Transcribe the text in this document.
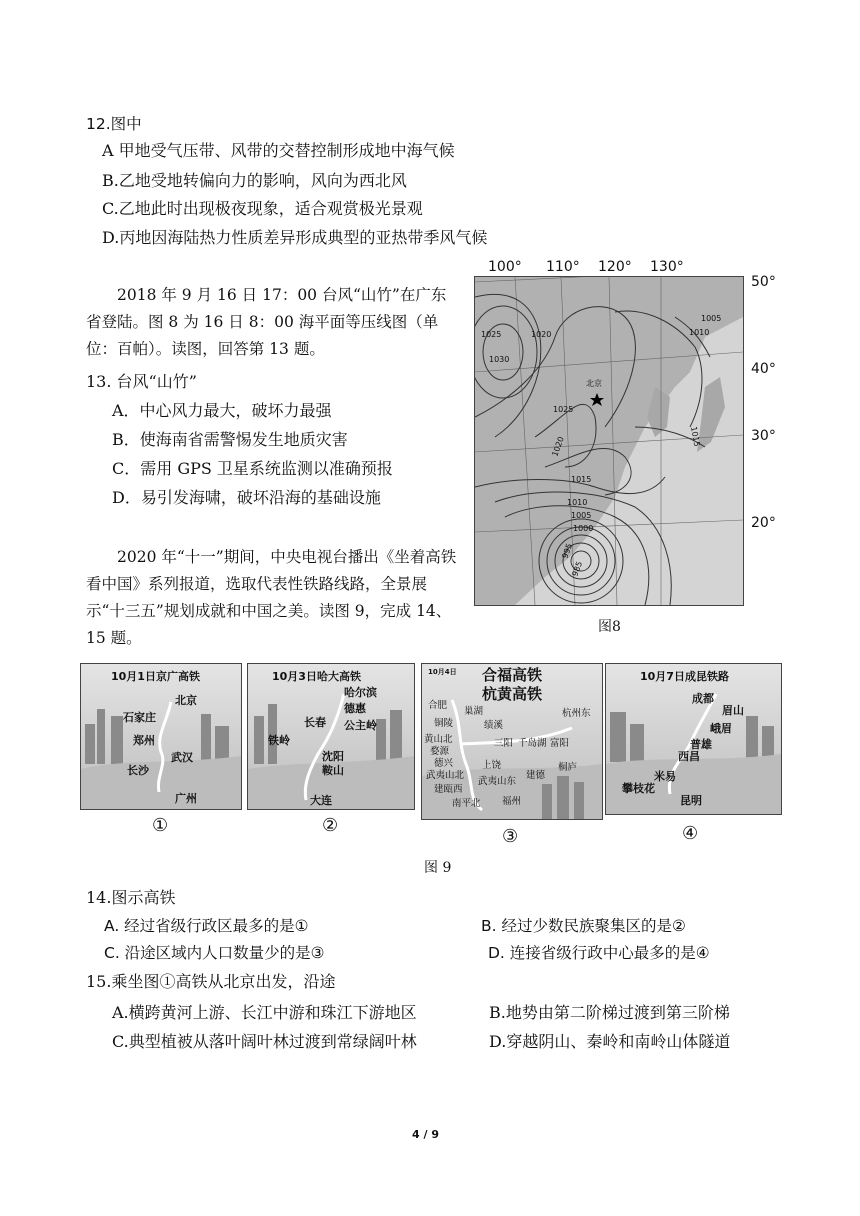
12.图中
A 甲地受气压带、风带的交替控制形成地中海气候
B.乙地受地转偏向力的影响，风向为西北风
C.乙地此时出现极夜现象，适合观赏极光景观
D.丙地因海陆热力性质差异形成典型的亚热带季风气候
2018 年 9 月 16 日 17：00 台风“山竹”在广东省登陆。图 8 为 16 日 8：00 海平面等压线图（单位：百帕）。读图，回答第 13 题。
13. 台风“山竹”
A．中心风力最大，破坏力最强
B．使海南省需警惕发生地质灾害
C．需用 GPS 卫星系统监测以准确预报
D．易引发海啸，破坏沿海的基础设施
2020 年“十一”期间，中央电视台播出《坐着高铁看中国》系列报道，选取代表性铁路线路，全景展示“十三五”规划成就和中国之美。读图 9，完成 14、15 题。
北京
1025	1020
1030
1005
1010
1025
1020
1015
1015
1010
1005
1000
995
985
100° 110° 120° 130°
50°
40°
30°
20°
图8
10月1日京广高铁
北京
石家庄
郑州
武汉
长沙
广州
①
10月3日哈大高铁
哈尔滨
德惠
长春 公主岭
铁岭
沈阳
鞍山
大连
②
10月4日 合福高铁
杭黄高铁
合肥
巢湖
铜陵	绩溪
黄山北
婺源
三阳 千岛湖
杭州东
富阳
德兴	上饶	桐庐
武夷山北	建德
武夷山东
建瓯西
南平北 福州
③
10月7日成昆铁路
成都
眉山
峨眉
普雄
西昌
米易
攀枝花
昆明
④
图 9
14.图示高铁
A. 经过省级行政区最多的是①	B. 经过少数民族聚集区的是②
C. 沿途区域内人口数量少的是③	D. 连接省级行政中心最多的是④
15.乘坐图①高铁从北京出发，沿途
A.横跨黄河上游、长江中游和珠江下游地区	B.地势由第二阶梯过渡到第三阶梯
C.典型植被从落叶阔叶林过渡到常绿阔叶林	D.穿越阴山、秦岭和南岭山体隧道
4 / 9
